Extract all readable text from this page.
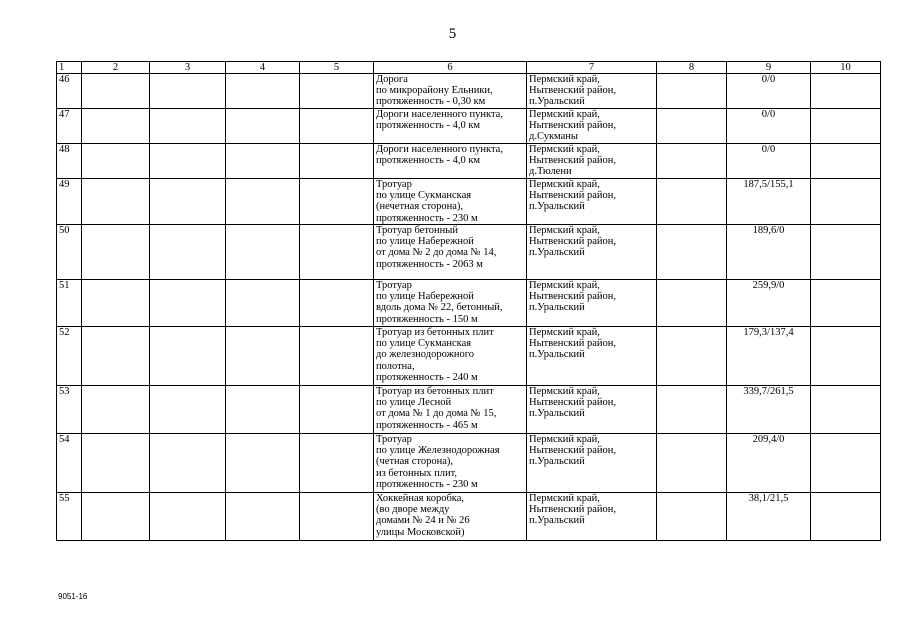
5
1	2	3	4	5	6	7	8	9	10
46					Дорога
по микрорайону Ельники,
протяженность - 0,30 км	Пермский край,
Нытвенский район,
п.Уральский		0/0	
47					Дороги населенного пункта,
протяженность - 4,0 км	Пермский край,
Нытвенский район,
д.Сукманы		0/0	
48					Дороги населенного пункта,
протяженность - 4,0 км	Пермский край,
Нытвенский район,
д.Тюлени		0/0	
49					Тротуар
по улице Сукманская
(нечетная сторона),
протяженность - 230 м	Пермский край,
Нытвенский район,
п.Уральский		187,5/155,1	
50					Тротуар бетонный
по улице Набережной
от дома № 2 до дома № 14,
протяженность - 2063 м	Пермский край,
Нытвенский район,
п.Уральский		189,6/0	
51					Тротуар
по улице Набережной
вдоль дома № 22, бетонный,
протяженность - 150 м	Пермский край,
Нытвенский район,
п.Уральский		259,9/0	
52					Тротуар из бетонных плит
по улице Сукманская
до железнодорожного
полотна,
протяженность - 240 м	Пермский край,
Нытвенский район,
п.Уральский		179,3/137,4	
53					Тротуар из бетонных плит
по улице Лесной
от дома № 1 до дома № 15,
протяженность - 465 м	Пермский край,
Нытвенский район,
п.Уральский		339,7/261,5	
54					Тротуар
по улице Железнодорожная
(четная сторона),
из бетонных плит,
протяженность - 230 м	Пермский край,
Нытвенский район,
п.Уральский		209,4/0	
55					Хоккейная коробка,
(во дворе между
домами № 24 и № 26
улицы Московской)	Пермский край,
Нытвенский район,
п.Уральский		38,1/21,5	
9051-16
